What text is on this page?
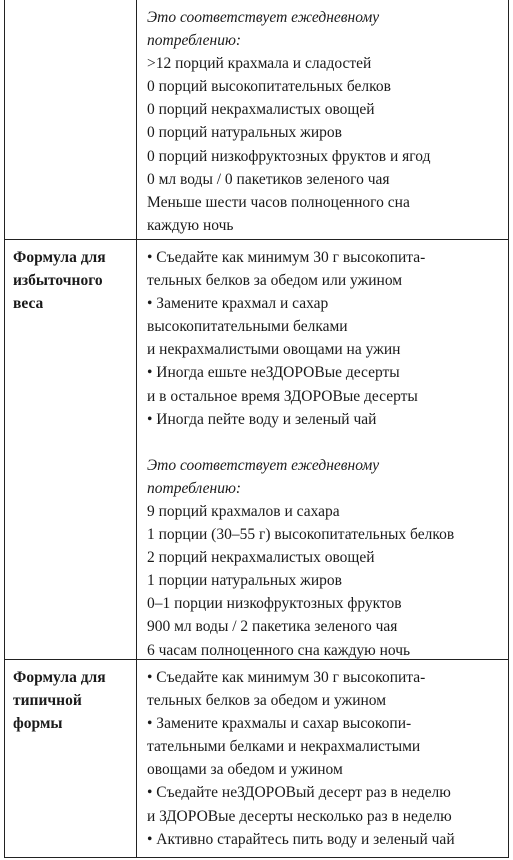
Это соответствует ежедневному

потреблению:

>12 порций крахмала и сладостей

0 порций высокопитательных белков

0 порций некрахмалистых овощей

0 порций натуральных жиров

0 порций низкофруктозных фруктов и ягод

0 мл воды / 0 пакетиков зеленого чая

Меньше шести часов полноценного сна

каждую ночь

Формула для
избыточного
веса

• Съедайте как минимум 30 г высокопита-

тельных белков за обедом или ужином

• Замените крахмал и сахар

высокопитательными белками

и некрахмалистыми овощами на ужин

• Иногда ешьте неЗДОРОВые десерты

и в остальное время ЗДОРОВые десерты

• Иногда пейте воду и зеленый чай

Это соответствует ежедневному

потреблению:

9 порций крахмалов и сахара

1 порции (30–55 г) высокопитательных белков

2 порций некрахмалистых овощей

1 порции натуральных жиров

0–1 порции низкофруктозных фруктов

900 мл воды / 2 пакетика зеленого чая

6 часам полноценного сна каждую ночь

Формула для
типичной
формы

• Съедайте как минимум 30 г высокопита-

тельных белков за обедом и ужином

• Замените крахмалы и сахар высокопи-

тательными белками и некрахмалистыми

овощами за обедом и ужином

• Съедайте неЗДОРОВый десерт раз в неделю

и ЗДОРОВые десерты несколько раз в неделю

• Активно старайтесь пить воду и зеленый чай
